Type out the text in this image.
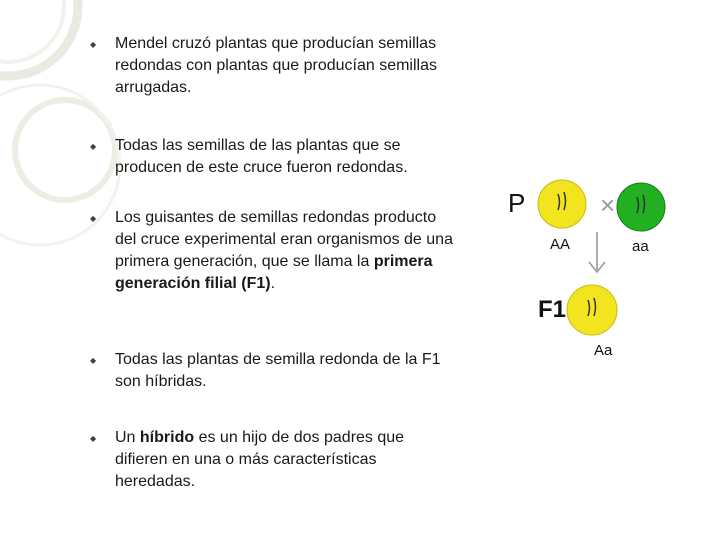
◆ Mendel cruzó plantas que producían semillas redondas con plantas que producían semillas arrugadas.
◆ Todas las semillas de las plantas que se producen de este cruce fueron redondas.
◆ Los guisantes de semillas redondas producto del cruce experimental eran organismos de una primera generación, que se llama la primera generación filial (F1).
◆ Todas las plantas de semilla redonda de la F1 son híbridas.
◆ Un híbrido es un hijo de dos padres que difieren en una o más características heredadas.
×
P
AA	aa
F1
Aa
